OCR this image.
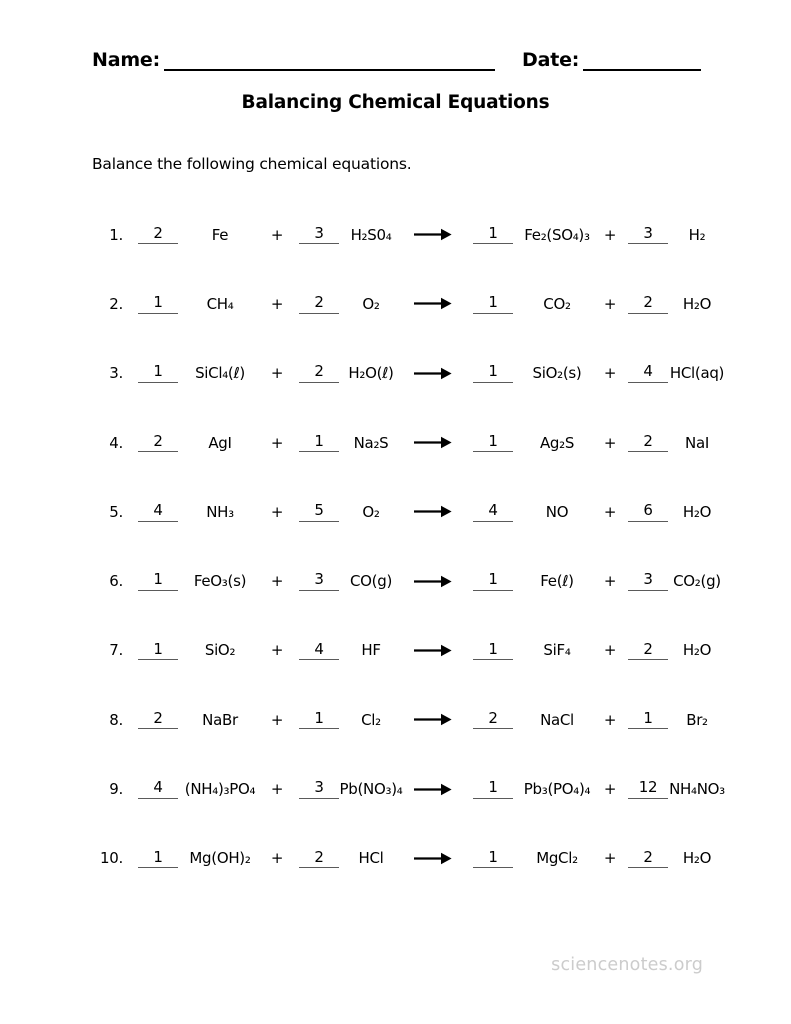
Name:	Date:
Balancing Chemical Equations

Balance the following chemical equations.

1.	2	Fe	+	3	H₂S0₄	1	Fe₂(SO₄)₃ +	3	H₂
2.	1	CH₄	+	2	O₂	1	CO₂	+	2	H₂O
3.	1	SiCl₄(ℓ)	+	2	H₂O(ℓ)	1	SiO₂(s)	+	4	HCl(aq)
4.	2	AgI	+	1	Na₂S	1	Ag₂S	+	2	NaI
5.	4	NH₃	+	5	O₂	4	NO	+	6	H₂O
6.	1	FeO₃(s)	+	3	CO(g)	1	Fe(ℓ)	+	3	CO₂(g)
7.	1	SiO₂	+	4	HF	1	SiF₄	+	2	H₂O
8.	2	NaBr	+	1	Cl₂	2	NaCl	+	1	Br₂
9.	4	(NH₄)₃PO₄	+	3	Pb(NO₃)₄	1	Pb₃(PO₄)₄ +	12 NH₄NO₃
10.	1	Mg(OH)₂	+	2	HCl	1	MgCl₂	+	2	H₂O
sciencenotes.org
